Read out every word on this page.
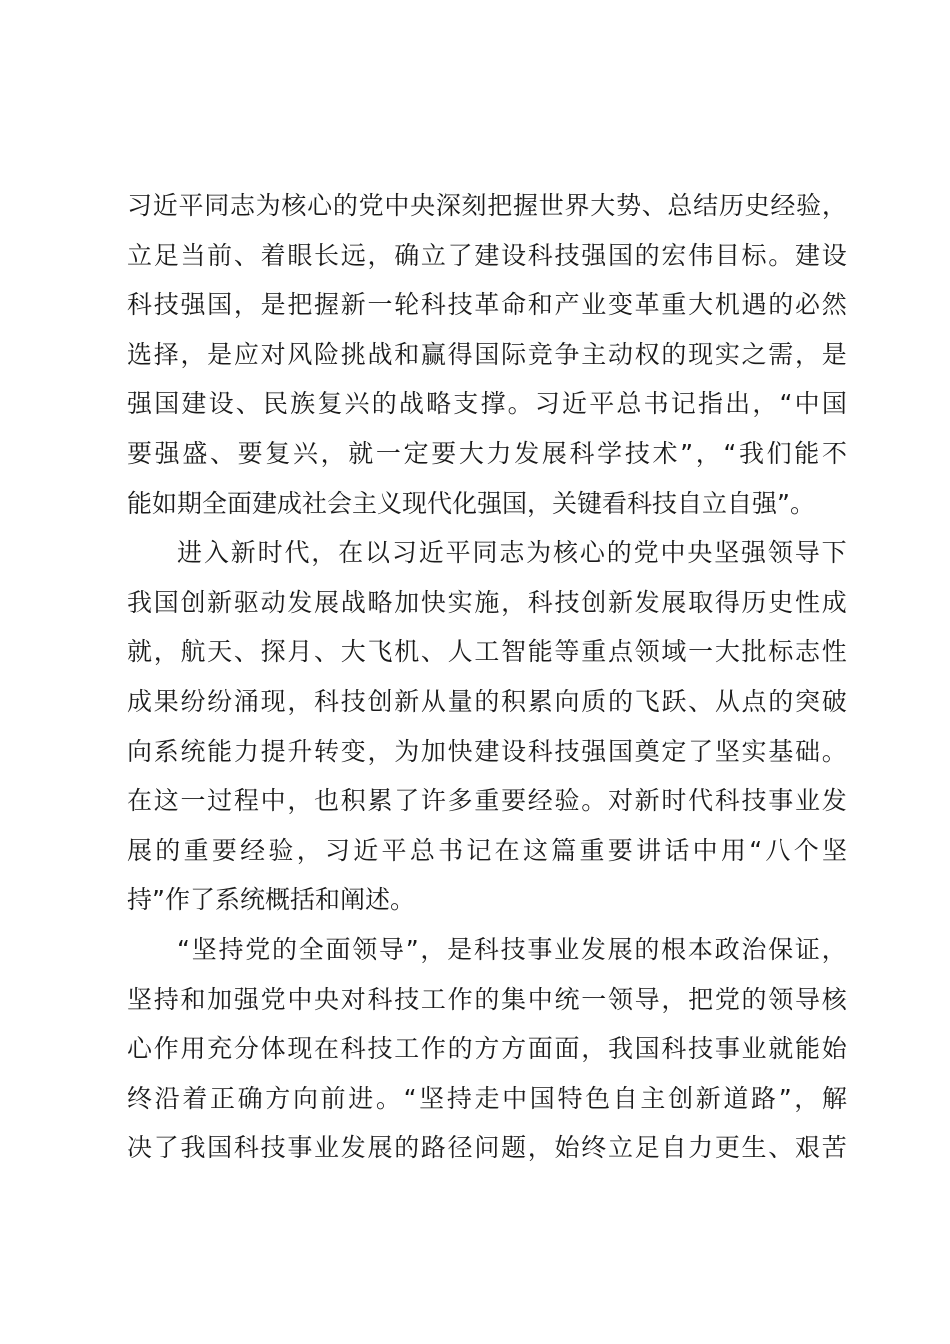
习 近 平 同 志 为 核 心 的 党 中 央 深 刻 把 握 世 界 大 势 、 总 结 历 史 经 验 ，
立 足 当 前 、 着 眼 长 远 ， 确 立 了 建 设 科 技 强 国 的 宏 伟 目 标 。 建 设
科 技 强 国 ， 是 把 握 新 一 轮 科 技 革 命 和 产 业 变 革 重 大 机 遇 的 必 然
选 择 ， 是 应 对 风 险 挑 战 和 赢 得 国 际 竞 争 主 动 权 的 现 实 之 需 ， 是
强 国 建 设 、 民 族 复 兴 的 战 略 支 撑 。 习 近 平 总 书 记 指 出 ， “ 中 国
要 强 盛 、 要 复 兴 ， 就 一 定 要 大 力 发 展 科 学 技 术 ” ， “ 我 们 能 不
能如期全面建成社会主义现代化强国，关键看科技自立自强”。
进 入 新 时 代 ， 在 以 习 近 平 同 志 为 核 心 的 党 中 央 坚 强 领 导 下
我 国 创 新 驱 动 发 展 战 略 加 快 实 施 ， 科 技 创 新 发 展 取 得 历 史 性 成
就 ， 航 天 、 探 月 、 大 飞 机 、 人 工 智 能 等 重 点 领 域 一 大 批 标 志 性
成 果 纷 纷 涌 现 ， 科 技 创 新 从 量 的 积 累 向 质 的 飞 跃 、 从 点 的 突 破
向 系 统 能 力 提 升 转 变 ， 为 加 快 建 设 科 技 强 国 奠 定 了 坚 实 基 础 。
在 这 一 过 程 中 ， 也 积 累 了 许 多 重 要 经 验 。 对 新 时 代 科 技 事 业 发
展 的 重 要 经 验 ， 习 近 平 总 书 记 在 这 篇 重 要 讲 话 中 用 “ 八 个 坚
持”作了系统概括和阐述。
“ 坚 持 党 的 全 面 领 导 ” ， 是 科 技 事 业 发 展 的 根 本 政 治 保 证 ，
坚 持 和 加 强 党 中 央 对 科 技 工 作 的 集 中 统 一 领 导 ， 把 党 的 领 导 核
心 作 用 充 分 体 现 在 科 技 工 作 的 方 方 面 面 ， 我 国 科 技 事 业 就 能 始
终 沿 着 正 确 方 向 前 进 。 “ 坚 持 走 中 国 特 色 自 主 创 新 道 路 ” ， 解
决 了 我 国 科 技 事 业 发 展 的 路 径 问 题 ， 始 终 立 足 自 力 更 生 、 艰 苦
